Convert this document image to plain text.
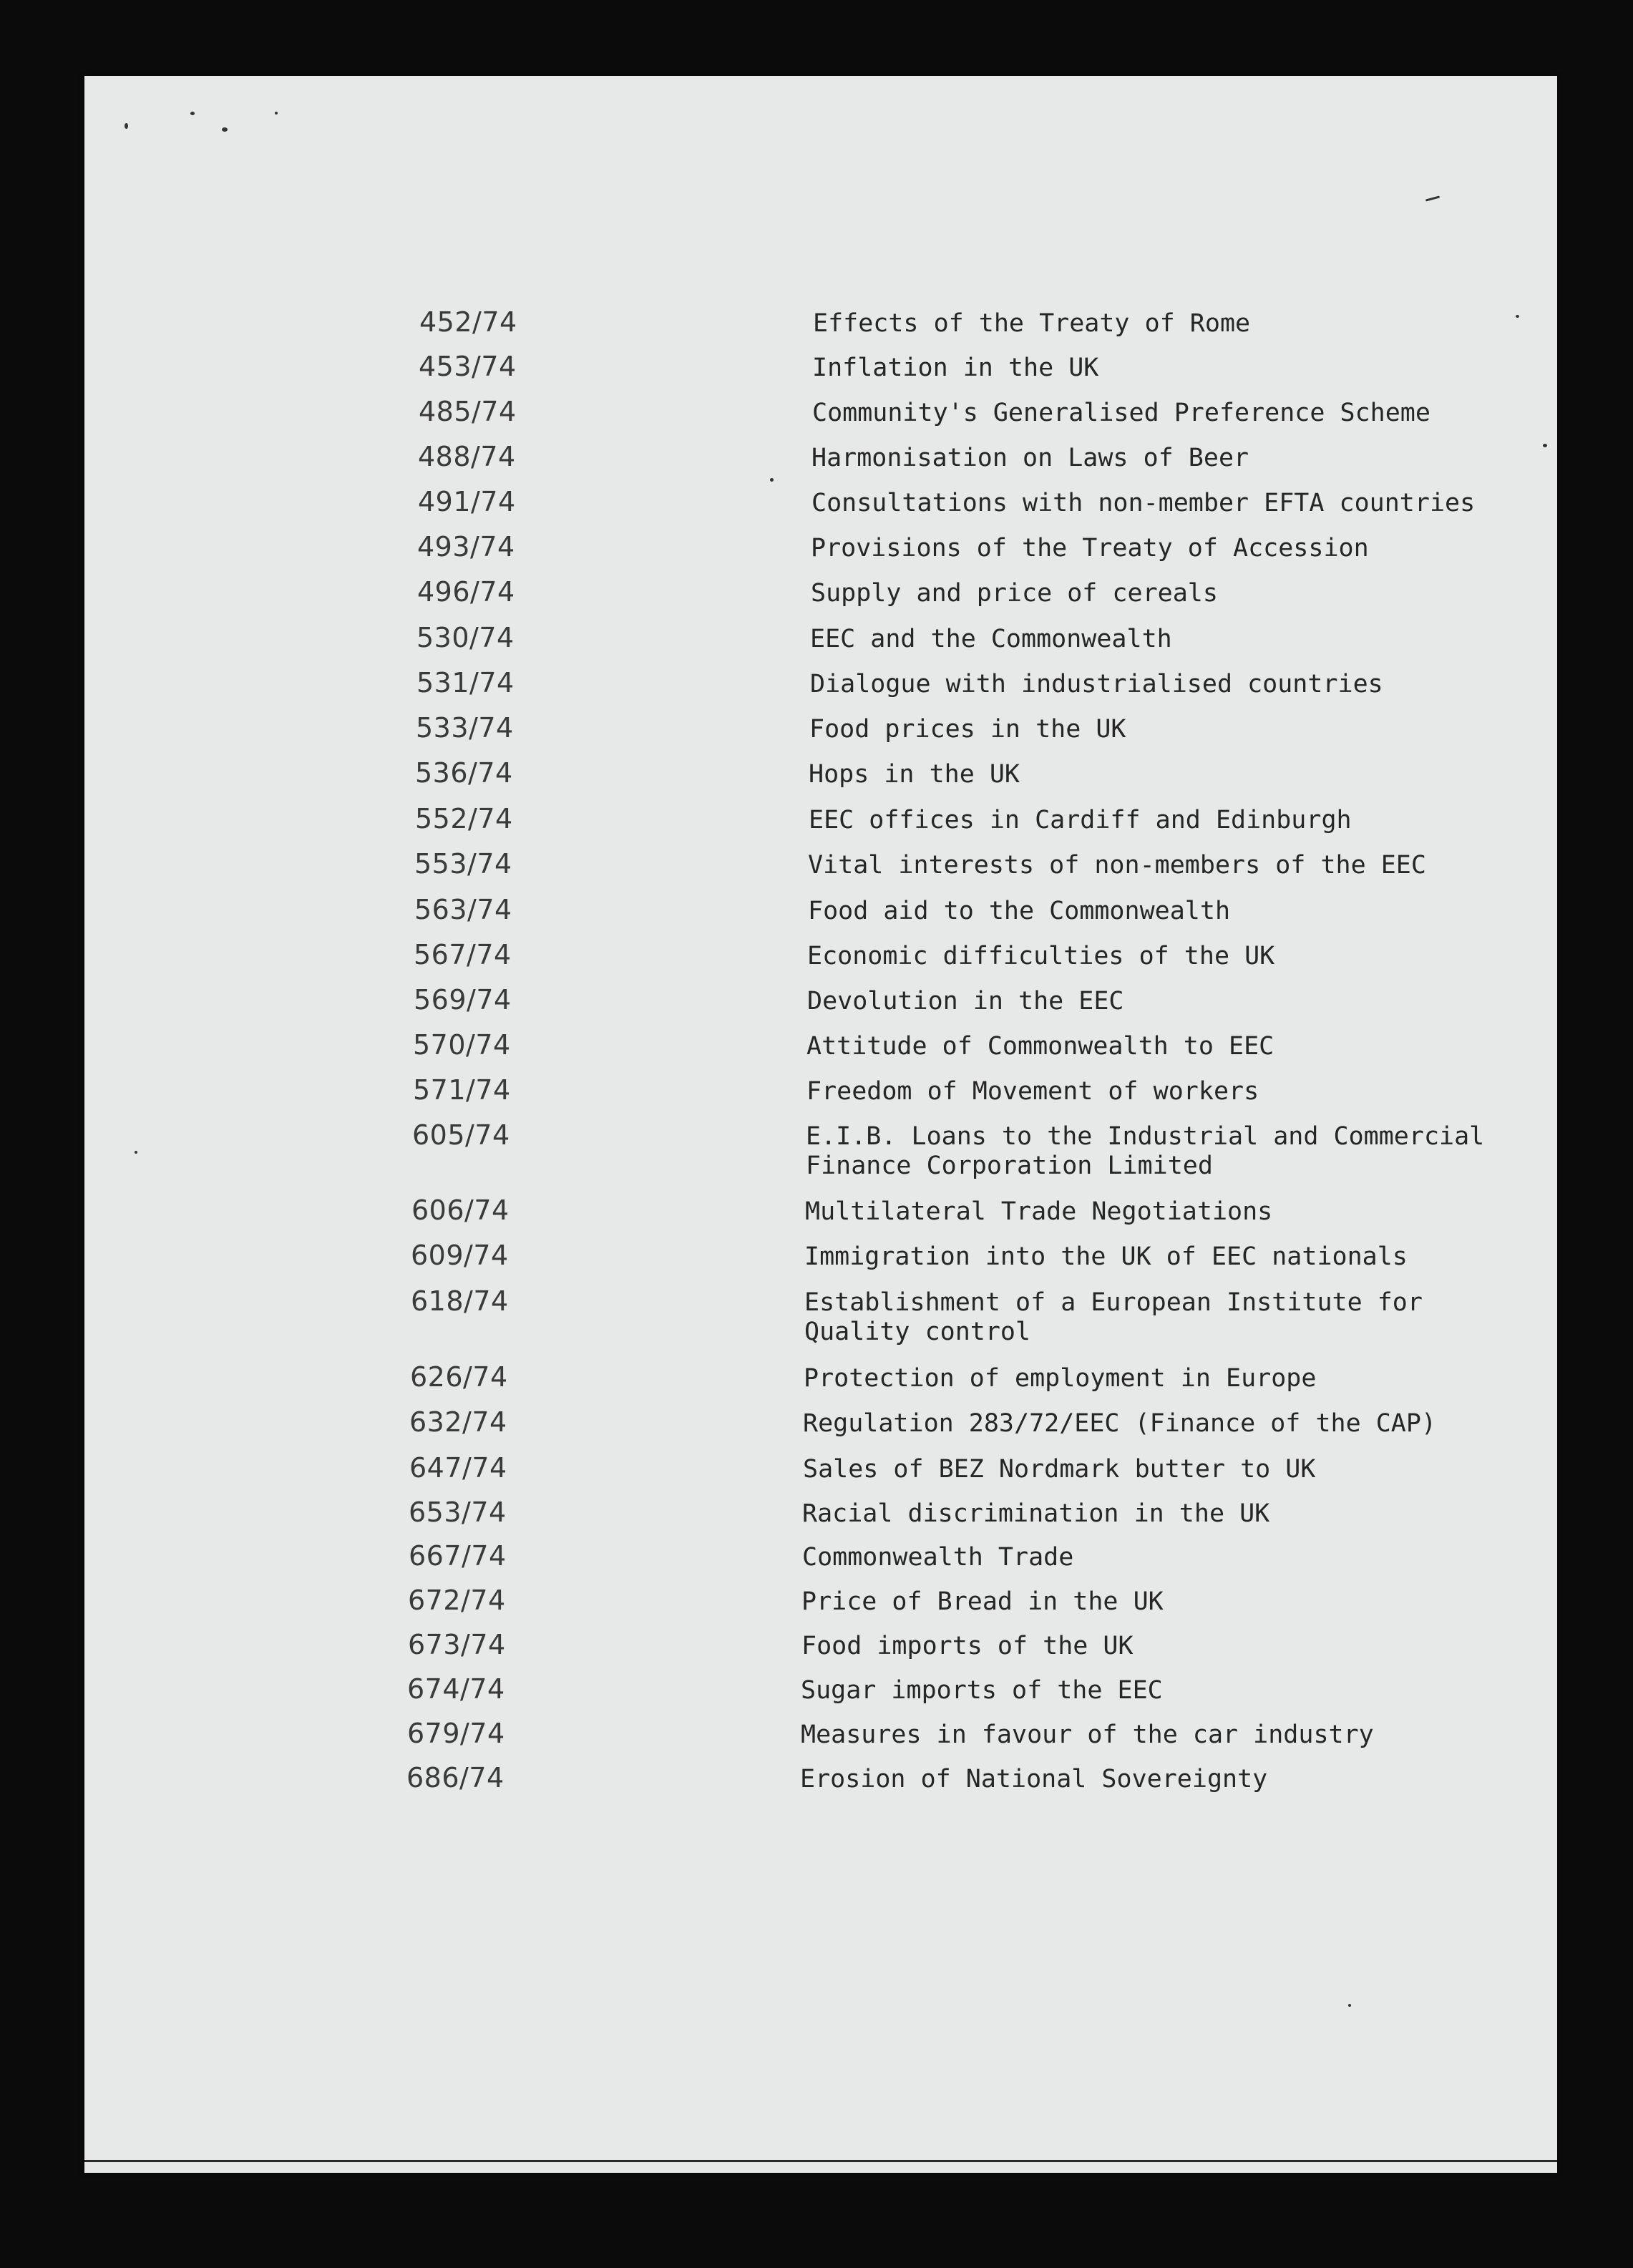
452/74	Effects of the Treaty of Rome
453/74	Inflation in the UK
485/74	Community's Generalised Preference Scheme
488/74	Harmonisation on Laws of Beer
491/74	Consultations with non-member EFTA countries
493/74	Provisions of the Treaty of Accession
496/74	Supply and price of cereals
530/74	EEC and the Commonwealth
531/74	Dialogue with industrialised countries
533/74	Food prices in the UK
536/74	Hops in the UK
552/74	EEC offices in Cardiff and Edinburgh
553/74	Vital interests of non-members of the EEC
563/74	Food aid to the Commonwealth
567/74	Economic difficulties of the UK
569/74	Devolution in the EEC
570/74	Attitude of Commonwealth to EEC
571/74	Freedom of Movement of workers
605/74	E.I.B. Loans to the Industrial and Commercial
Finance Corporation Limited
606/74	Multilateral Trade Negotiations
609/74	Immigration into the UK of EEC nationals
618/74	Establishment of a European Institute for
Quality control
626/74	Protection of employment in Europe
632/74	Regulation 283/72/EEC (Finance of the CAP)
647/74	Sales of BEZ Nordmark butter to UK
653/74	Racial discrimination in the UK
667/74	Commonwealth Trade
672/74	Price of Bread in the UK
673/74	Food imports of the UK
674/74	Sugar imports of the EEC
679/74	Measures in favour of the car industry
686/74	Erosion of National Sovereignty
